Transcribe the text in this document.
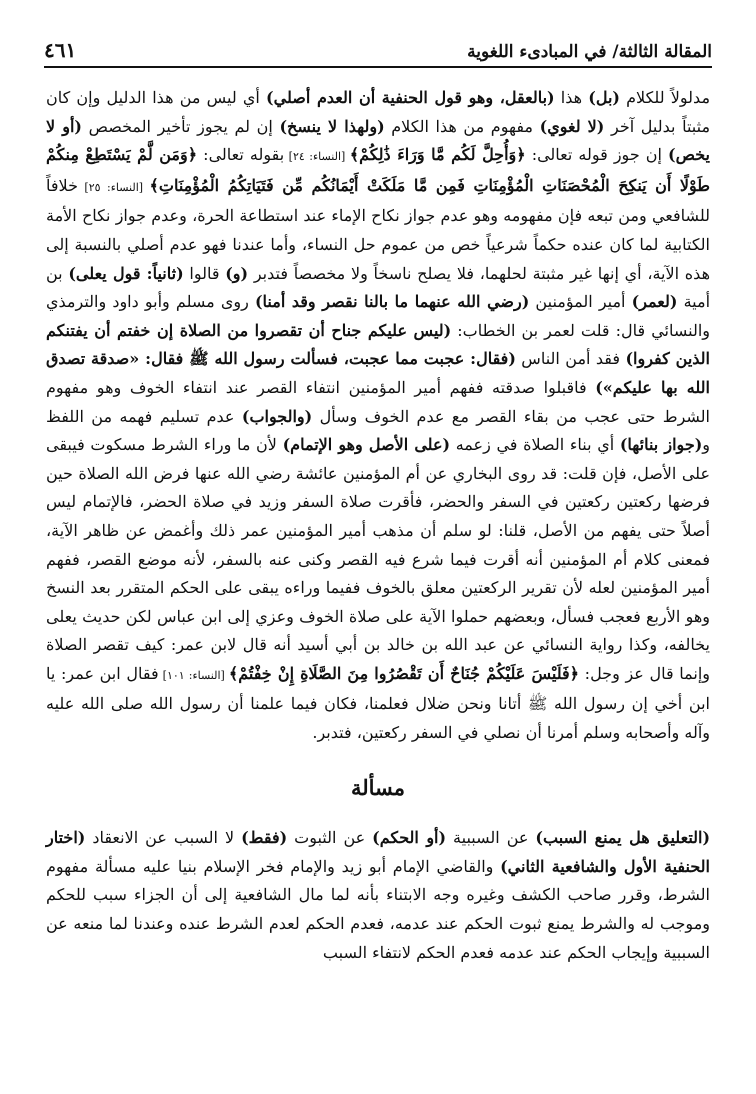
المقالة الثالثة/ في المبادىء اللغوية
٤٦١

مدلولاً للكلام (بل) هذا (بالعقل، وهو قول الحنفية أن العدم أصلي) أي ليس من هذا الدليل وإن كان مثبتاً بدليل آخر (لا لغوي) مفهوم من هذا الكلام (ولهذا لا ينسخ) إن لم يجوز تأخير المخصص (أو لا يخص) إن جوز قوله تعالى: ﴿وَأُحِلَّ لَكُم مَّا وَرَاءَ ذَٰلِكُمْ﴾ [النساء: ٢٤] بقوله تعالى: ﴿وَمَن لَّمْ يَسْتَطِعْ مِنكُمْ طَوْلًا أَن يَنكِحَ الْمُحْصَنَاتِ الْمُؤْمِنَاتِ فَمِن مَّا مَلَكَتْ أَيْمَانُكُم مِّن فَتَيَاتِكُمُ الْمُؤْمِنَاتِ﴾ [النساء: ٢٥] خلافاً للشافعي ومن تبعه فإن مفهومه وهو عدم جواز نكاح الإماء عند استطاعة الحرة، وعدم جواز نكاح الأمة الكتابية لما كان عنده حكماً شرعياً خص من عموم حل النساء، وأما عندنا فهو عدم أصلي بالنسبة إلى هذه الآية، أي إنها غير مثبتة لحلهما، فلا يصلح ناسخاً ولا مخصصاً فتدبر (و) قالوا (ثانياً: قول يعلى) بن أمية (لعمر) أمير المؤمنين (رضي الله عنهما ما بالنا نقصر وقد أمنا) روى مسلم وأبو داود والترمذي والنسائي قال: قلت لعمر بن الخطاب: (ليس عليكم جناح أن تقصروا من الصلاة إن خفتم أن يفتنكم الذين كفروا) فقد أمن الناس (فقال: عجبت مما عجبت، فسألت رسول الله ﷺ فقال: «صدقة تصدق الله بها عليكم») فاقبلوا صدقته ففهم أمير المؤمنين انتفاء القصر عند انتفاء الخوف وهو مفهوم الشرط حتى عجب من بقاء القصر مع عدم الخوف وسأل (والجواب) عدم تسليم فهمه من اللفظ و(جواز بنائها) أي بناء الصلاة في زعمه (على الأصل وهو الإتمام) لأن ما وراء الشرط مسكوت فيبقى على الأصل، فإن قلت: قد روى البخاري عن أم المؤمنين عائشة رضي الله عنها فرض الله الصلاة حين فرضها ركعتين ركعتين في السفر والحضر، فأقرت صلاة السفر وزيد في صلاة الحضر، فالإتمام ليس أصلاً حتى يفهم من الأصل، قلنا: لو سلم أن مذهب أمير المؤمنين عمر ذلك وأغمض عن ظاهر الآية، فمعنى كلام أم المؤمنين أنه أقرت فيما شرع فيه القصر وكنى عنه بالسفر، لأنه موضع القصر، ففهم أمير المؤمنين لعله لأن تقرير الركعتين معلق بالخوف ففيما وراءه يبقى على الحكم المتقرر بعد النسخ وهو الأربع فعجب فسأل، وبعضهم حملوا الآية على صلاة الخوف وعزي إلى ابن عباس لكن حديث يعلى يخالفه، وكذا رواية النسائي عن عبد الله بن خالد بن أبي أسيد أنه قال لابن عمر: كيف تقصر الصلاة وإنما قال عز وجل: ﴿فَلَيْسَ عَلَيْكُمْ جُنَاحٌ أَن تَقْصُرُوا مِنَ الصَّلَاةِ إِنْ خِفْتُمْ﴾ [النساء: ١٠١] فقال ابن عمر: يا ابن أخي إن رسول الله ﷺ أتانا ونحن ضلال فعلمنا، فكان فيما علمنا أن رسول الله صلى الله عليه وآله وأصحابه وسلم أمرنا أن نصلي في السفر ركعتين، فتدبر.

مسألة

(التعليق هل يمنع السبب) عن السببية (أو الحكم) عن الثبوت (فقط) لا السبب عن الانعقاد (اختار الحنفية الأول والشافعية الثاني) والقاضي الإمام أبو زيد والإمام فخر الإسلام بنيا عليه مسألة مفهوم الشرط، وقرر صاحب الكشف وغيره وجه الابتناء بأنه لما مال الشافعية إلى أن الجزاء سبب للحكم وموجب له والشرط يمنع ثبوت الحكم عند عدمه، فعدم الحكم لعدم الشرط عنده وعندنا لما منعه عن السببية وإيجاب الحكم عند عدمه فعدم الحكم لانتفاء السبب
